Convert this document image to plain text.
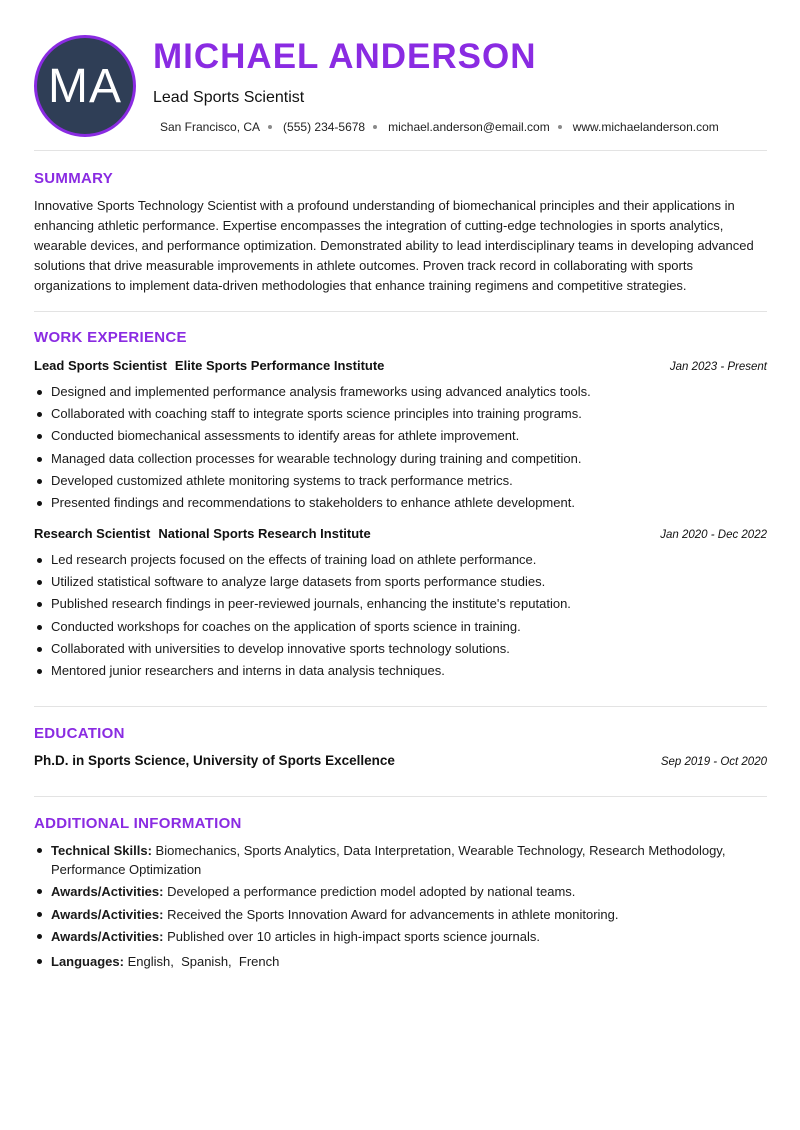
MA
MICHAEL ANDERSON
Lead Sports Scientist
San Francisco, CA (555) 234-5678 michael.anderson@email.com www.michaelanderson.com
SUMMARY

Innovative Sports Technology Scientist with a profound understanding of biomechanical principles and their applications in enhancing athletic performance. Expertise encompasses the integration of cutting-edge technologies in sports analytics, wearable devices, and performance optimization. Demonstrated ability to lead interdisciplinary teams in developing advanced solutions that drive measurable improvements in athlete outcomes. Proven track record in collaborating with sports organizations to implement data-driven methodologies that enhance training regimens and competitive strategies.

WORK EXPERIENCE
Lead Sports Scientist Elite Sports Performance Institute	Jan 2023 - Present
Designed and implemented performance analysis frameworks using advanced analytics tools.
Collaborated with coaching staff to integrate sports science principles into training programs.
Conducted biomechanical assessments to identify areas for athlete improvement.
Managed data collection processes for wearable technology during training and competition.
Developed customized athlete monitoring systems to track performance metrics.
Presented findings and recommendations to stakeholders to enhance athlete development.
Research Scientist National Sports Research Institute	Jan 2020 - Dec 2022
Led research projects focused on the effects of training load on athlete performance.
Utilized statistical software to analyze large datasets from sports performance studies.
Published research findings in peer-reviewed journals, enhancing the institute's reputation.
Conducted workshops for coaches on the application of sports science in training.
Collaborated with universities to develop innovative sports technology solutions.
Mentored junior researchers and interns in data analysis techniques.
EDUCATION
Ph.D. in Sports Science, University of Sports Excellence	Sep 2019 - Oct 2020
ADDITIONAL INFORMATION
Technical Skills: Biomechanics, Sports Analytics, Data Interpretation, Wearable Technology, Research Methodology, Performance Optimization
Awards/Activities: Developed a performance prediction model adopted by national teams.
Awards/Activities: Received the Sports Innovation Award for advancements in athlete monitoring.
Awards/Activities: Published over 10 articles in high-impact sports science journals.
Languages: English,  Spanish,  French
